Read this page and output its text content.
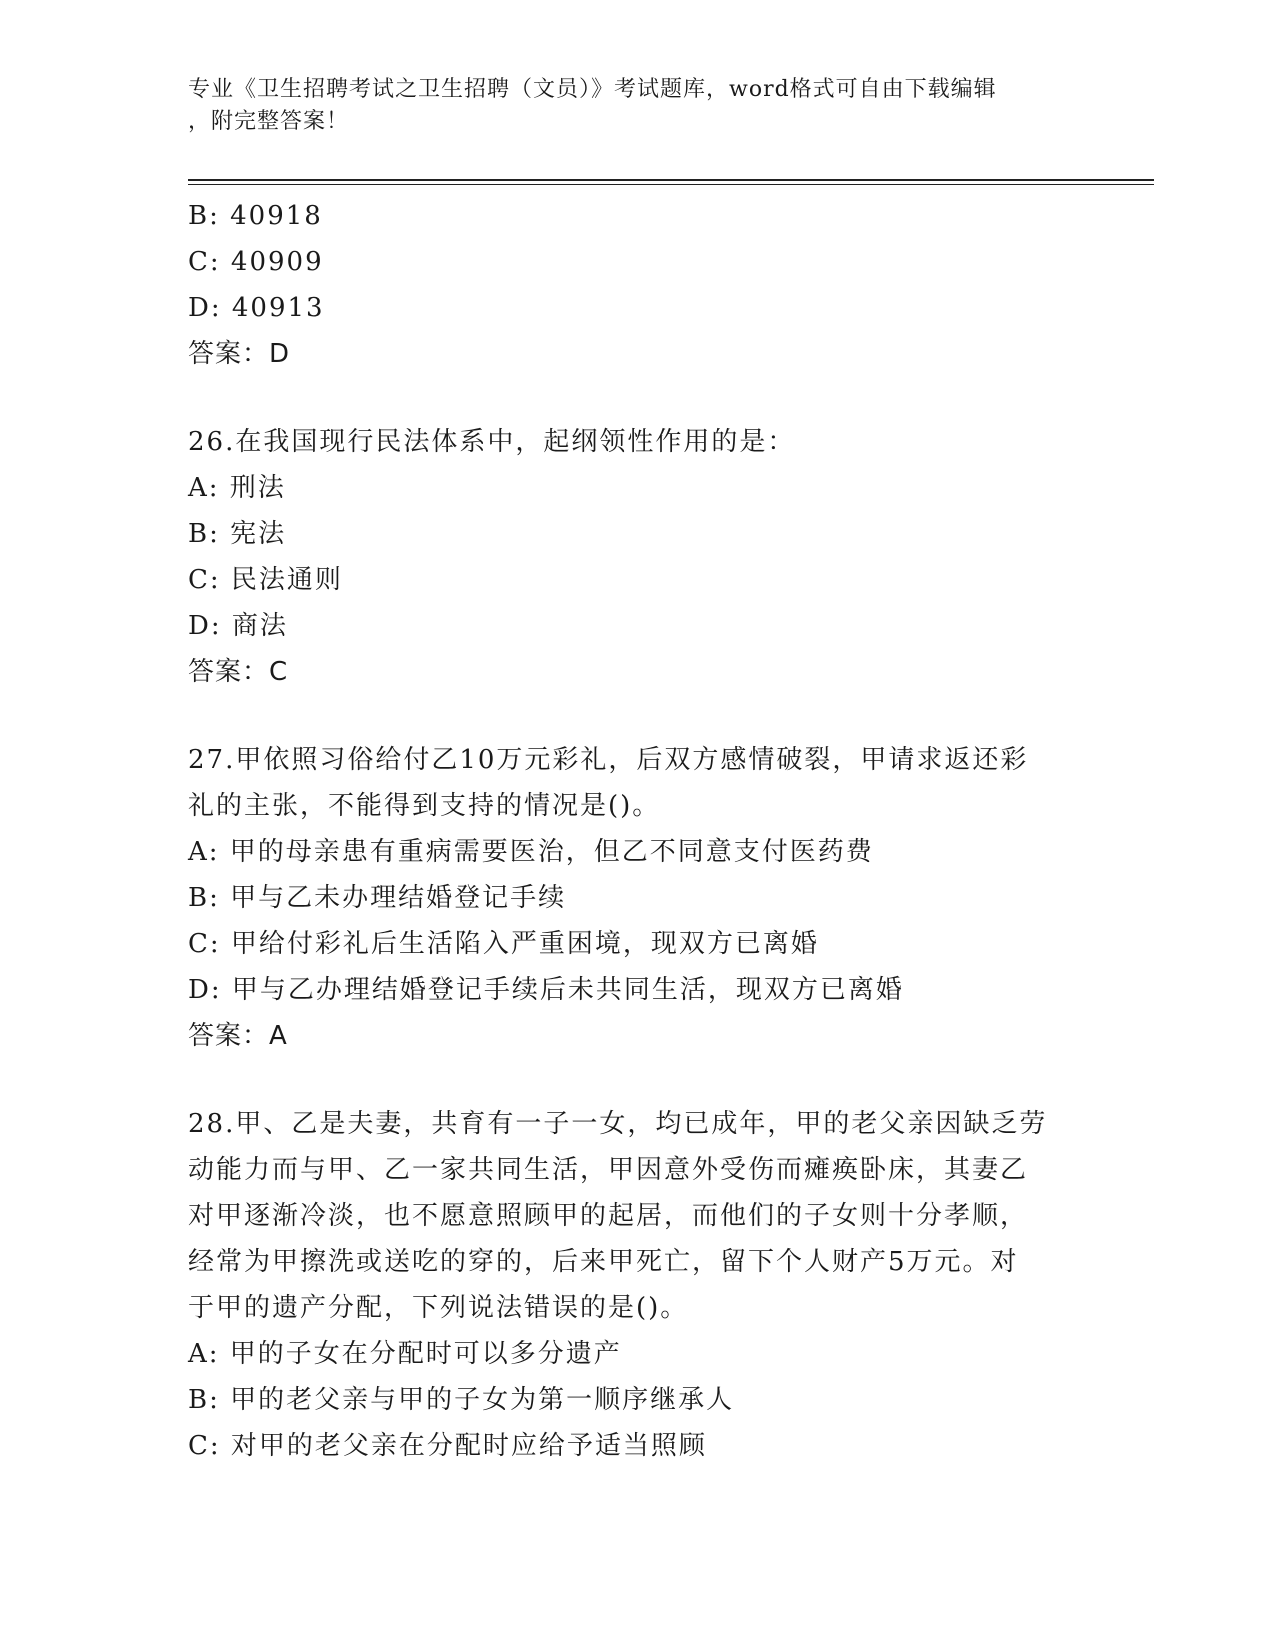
专业《卫生招聘考试之卫生招聘（文员）》考试题库，word格式可自由下载编辑
，附完整答案！
B: 40918
C: 40909
D: 40913
答案：D
26.在我国现行民法体系中，起纲领性作用的是：
A: 刑法
B: 宪法
C: 民法通则
D: 商法
答案：C
27.甲依照习俗给付乙10万元彩礼，后双方感情破裂，甲请求返还彩
礼的主张，不能得到支持的情况是()。
A: 甲的母亲患有重病需要医治，但乙不同意支付医药费
B: 甲与乙未办理结婚登记手续
C: 甲给付彩礼后生活陷入严重困境，现双方已离婚
D: 甲与乙办理结婚登记手续后未共同生活，现双方已离婚
答案：A
28.甲、乙是夫妻，共育有一子一女，均已成年，甲的老父亲因缺乏劳
动能力而与甲、乙一家共同生活，甲因意外受伤而瘫痪卧床，其妻乙
对甲逐渐冷淡，也不愿意照顾甲的起居，而他们的子女则十分孝顺，
经常为甲擦洗或送吃的穿的，后来甲死亡，留下个人财产5万元。对
于甲的遗产分配，下列说法错误的是()。
A: 甲的子女在分配时可以多分遗产
B: 甲的老父亲与甲的子女为第一顺序继承人
C: 对甲的老父亲在分配时应给予适当照顾
